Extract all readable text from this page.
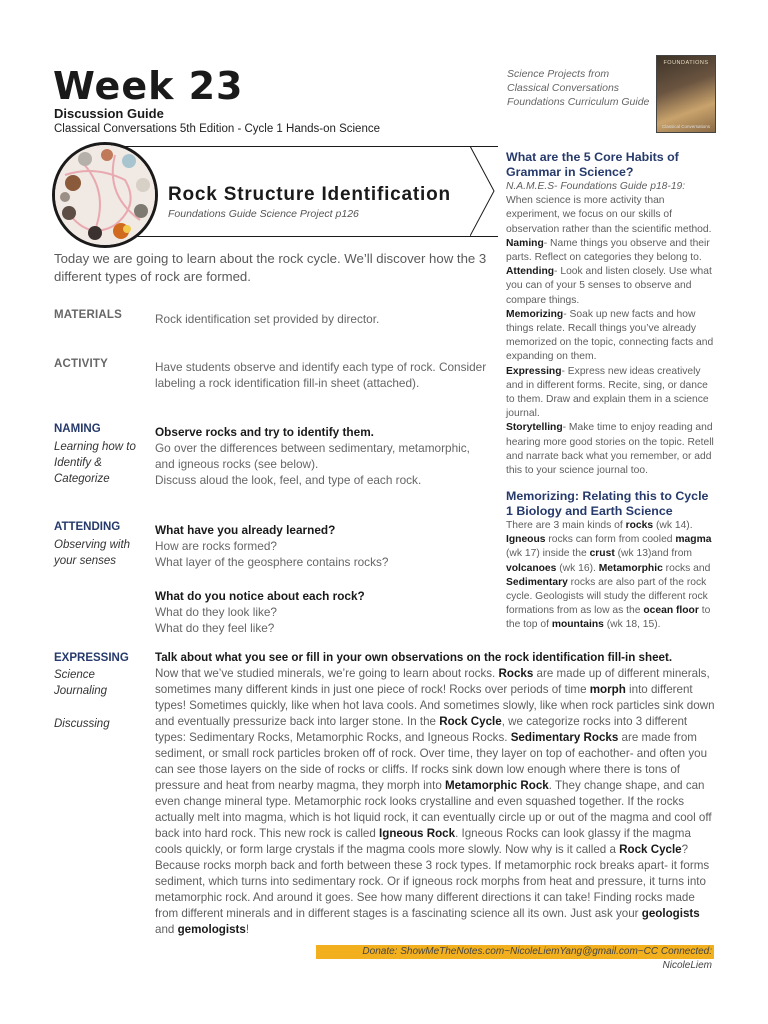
Week 23
Discussion Guide
Classical Conversations 5th Edition - Cycle 1 Hands-on Science
Science Projects from
Classical Conversations
Foundations Curriculum Guide
FOUNDATIONS
Classical Conversations
Rock Structure Identification
Foundations Guide Science Project p126
Today we are going to learn about the rock cycle. We’ll discover how the 3 different types of rock are formed.
MATERIALS	Rock identification set provided by director.
ACTIVITY	Have students observe and identify each type of rock. Consider labeling a rock identification fill-in sheet (attached).
NAMING
Learning how to
Identify &
Categorize
Observe rocks and try to identify them.
Go over the differences between sedimentary, metamorphic,
and igneous rocks (see below).
Discuss aloud the look, feel, and type of each rock.
ATTENDING
Observing with
your senses
What have you already learned?
How are rocks formed?
What layer of the geosphere contains rocks?
What do you notice about each rock?
What do they look like?
What do they feel like?
EXPRESSING
Science
Journaling
Discussing
Talk about what you see or fill in your own observations on the rock identification fill-in sheet.
Now that we’ve studied minerals, we’re going to learn about rocks. Rocks are made up of different minerals, sometimes many different kinds in just one piece of rock! Rocks over periods of time morph into different types! Sometimes quickly, like when hot lava cools. And sometimes slowly, like when rock particles sink down and eventually pressurize back into larger stone. In the Rock Cycle, we categorize rocks into 3 different types: Sedimentary Rocks, Metamorphic Rocks, and Igneous Rocks. Sedimentary Rocks are made from sediment, or small rock particles broken off of rock. Over time, they layer on top of eachother- and often you can see those layers on the side of rocks or cliffs. If rocks sink down low enough where there is tons of pressure and heat from nearby magma, they morph into Metamorphic Rock. They change shape, and can even change mineral type. Metamorphic rock looks crystalline and even squashed together. If the rocks actually melt into magma, which is hot liquid rock, it can eventually circle up or out of the magma and cool off back into hard rock. This new rock is called Igneous Rock. Igneous Rocks can look glassy if the magma cools quickly, or form large crystals if the magma cools more slowly. Now why is it called a Rock Cycle? Because rocks morph back and forth between these 3 rock types. If metamorphic rock breaks apart- it forms sediment, which turns into sedimentary rock. Or if igneous rock morphs from heat and pressure, it turns into metamorphic rock. And around it goes. See how many different directions it can take! Finding rocks made from different minerals and in different stages is a fascinating science all its own. Just ask your geologists and gemologists!
What are the 5 Core Habits of Grammar in Science?
N.A.M.E.S- Foundations Guide p18-19:
When science is more activity than experiment, we focus on our skills of observation rather than the scientific method.
Naming- Name things you observe and their parts. Reflect on categories they belong to.
Attending- Look and listen closely. Use what you can of your 5 senses to observe and compare things.
Memorizing- Soak up new facts and how things relate. Recall things you’ve already memorized on the topic, connecting facts and expanding on them.
Expressing- Express new ideas creatively and in different forms. Recite, sing, or dance to them. Draw and explain them in a science journal.
Storytelling- Make time to enjoy reading and hearing more good stories on the topic. Retell and narrate back what you remember, or add this to your science journal too.
Memorizing: Relating this to Cycle 1 Biology and Earth Science
There are 3 main kinds of rocks (wk 14). Igneous rocks can form from cooled magma (wk 17) inside the crust (wk 13)and from volcanoes (wk 16). Metamorphic rocks and Sedimentary rocks are also part of the rock cycle. Geologists will study the different rock formations from as low as the ocean floor to the top of mountains (wk 18, 15).
Donate: ShowMeTheNotes.com~NicoleLiemYang@gmail.com~CC Connected: NicoleLiem
